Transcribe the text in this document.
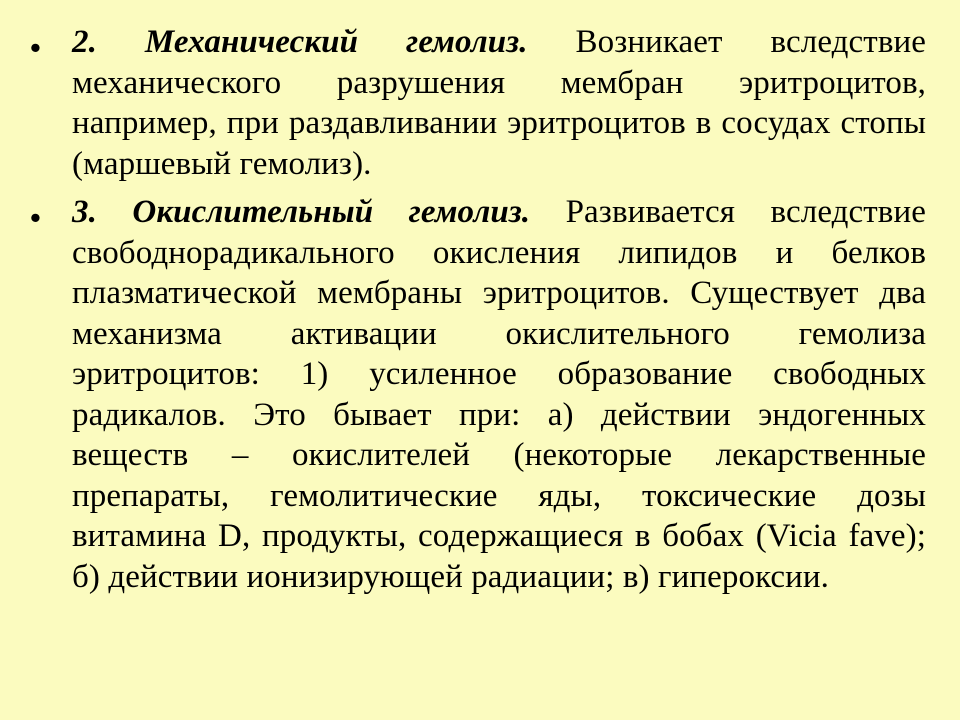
• 2. Механический гемолиз. Возникает вследствие механического разрушения мембран эритроцитов, например, при раздавливании эритроцитов в сосудах стопы (маршевый гемолиз).

• 3. Окислительный гемолиз. Развивается вследствие свободнорадикального окисления липидов и белков плазматической мембраны эритроцитов. Существует два механизма активации окислительного гемолиза эритроцитов: 1) усиленное образование свободных радикалов. Это бывает при: а) действии эндогенных веществ – окислителей (некоторые лекарственные препараты, гемолитические яды, токсические дозы витамина D, продукты, содержащиеся в бобах (Vicia fave); б) действии ионизирующей радиации; в) гипероксии.
